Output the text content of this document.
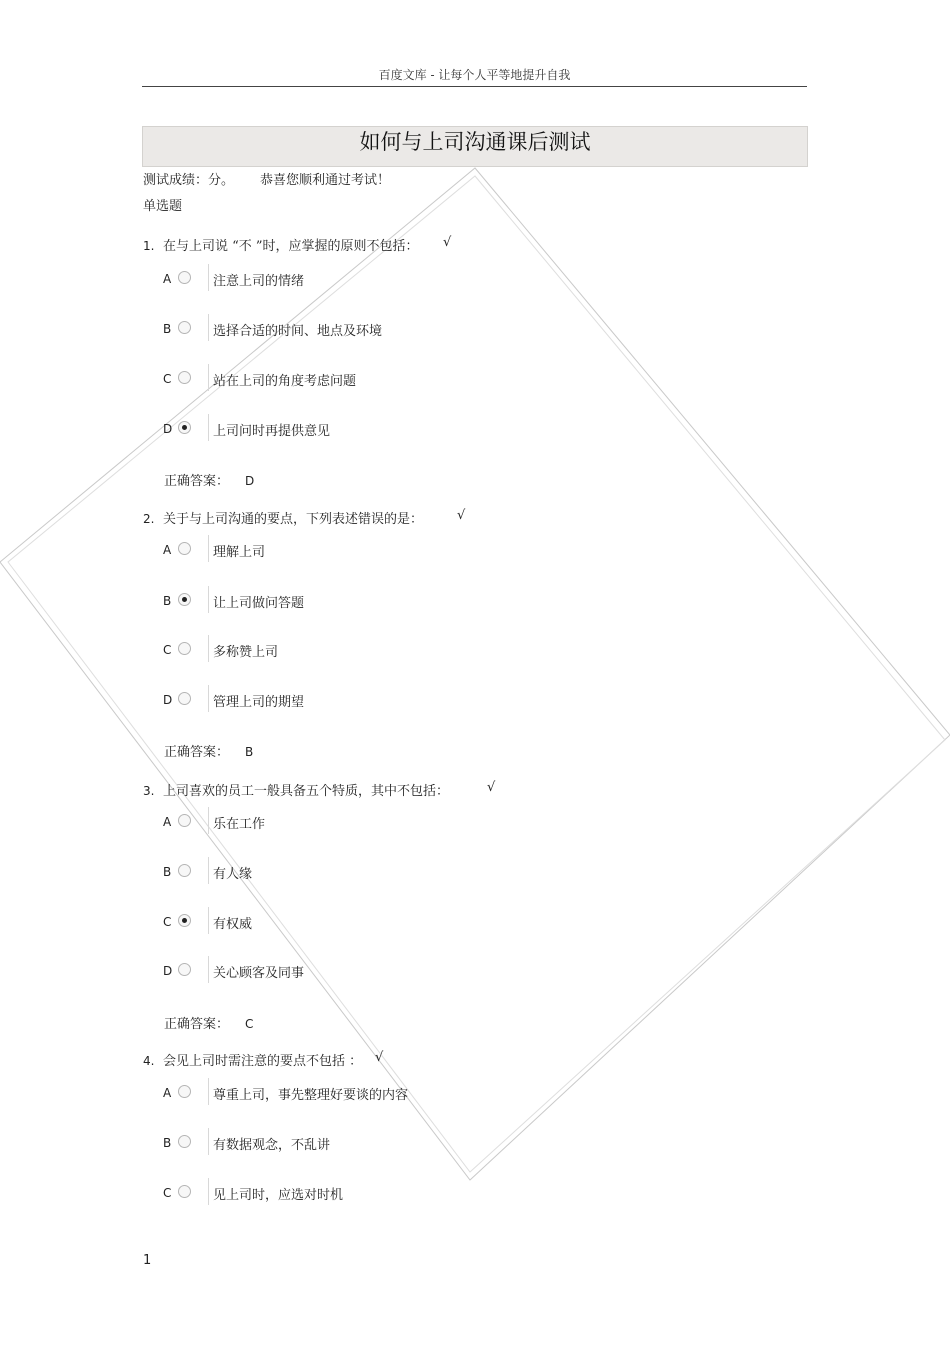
百度文库 - 让每个人平等地提升自我
如何与上司沟通课后测试
测试成绩：分。 恭喜您顺利通过考试！
单选题
1. 在与上司说 “不 ”时，应掌握的原则不包括： √
A	注意上司的情绪
B	选择合适的时间、地点及环境
C	站在上司的角度考虑问题
D	上司问时再提供意见
正确答案： D
2. 关于与上司沟通的要点，下列表述错误的是：	√
A	理解上司
B	让上司做问答题
C	多称赞上司
D	管理上司的期望
正确答案： B
3. 上司喜欢的员工一般具备五个特质，其中不包括：	√
A	乐在工作
B	有人缘
C	有权威
D	关心顾客及同事
正确答案： C
4. 会见上司时需注意的要点不包括 ： √
A	尊重上司，事先整理好要谈的内容
B	有数据观念，不乱讲
C	见上司时，应选对时机
1
